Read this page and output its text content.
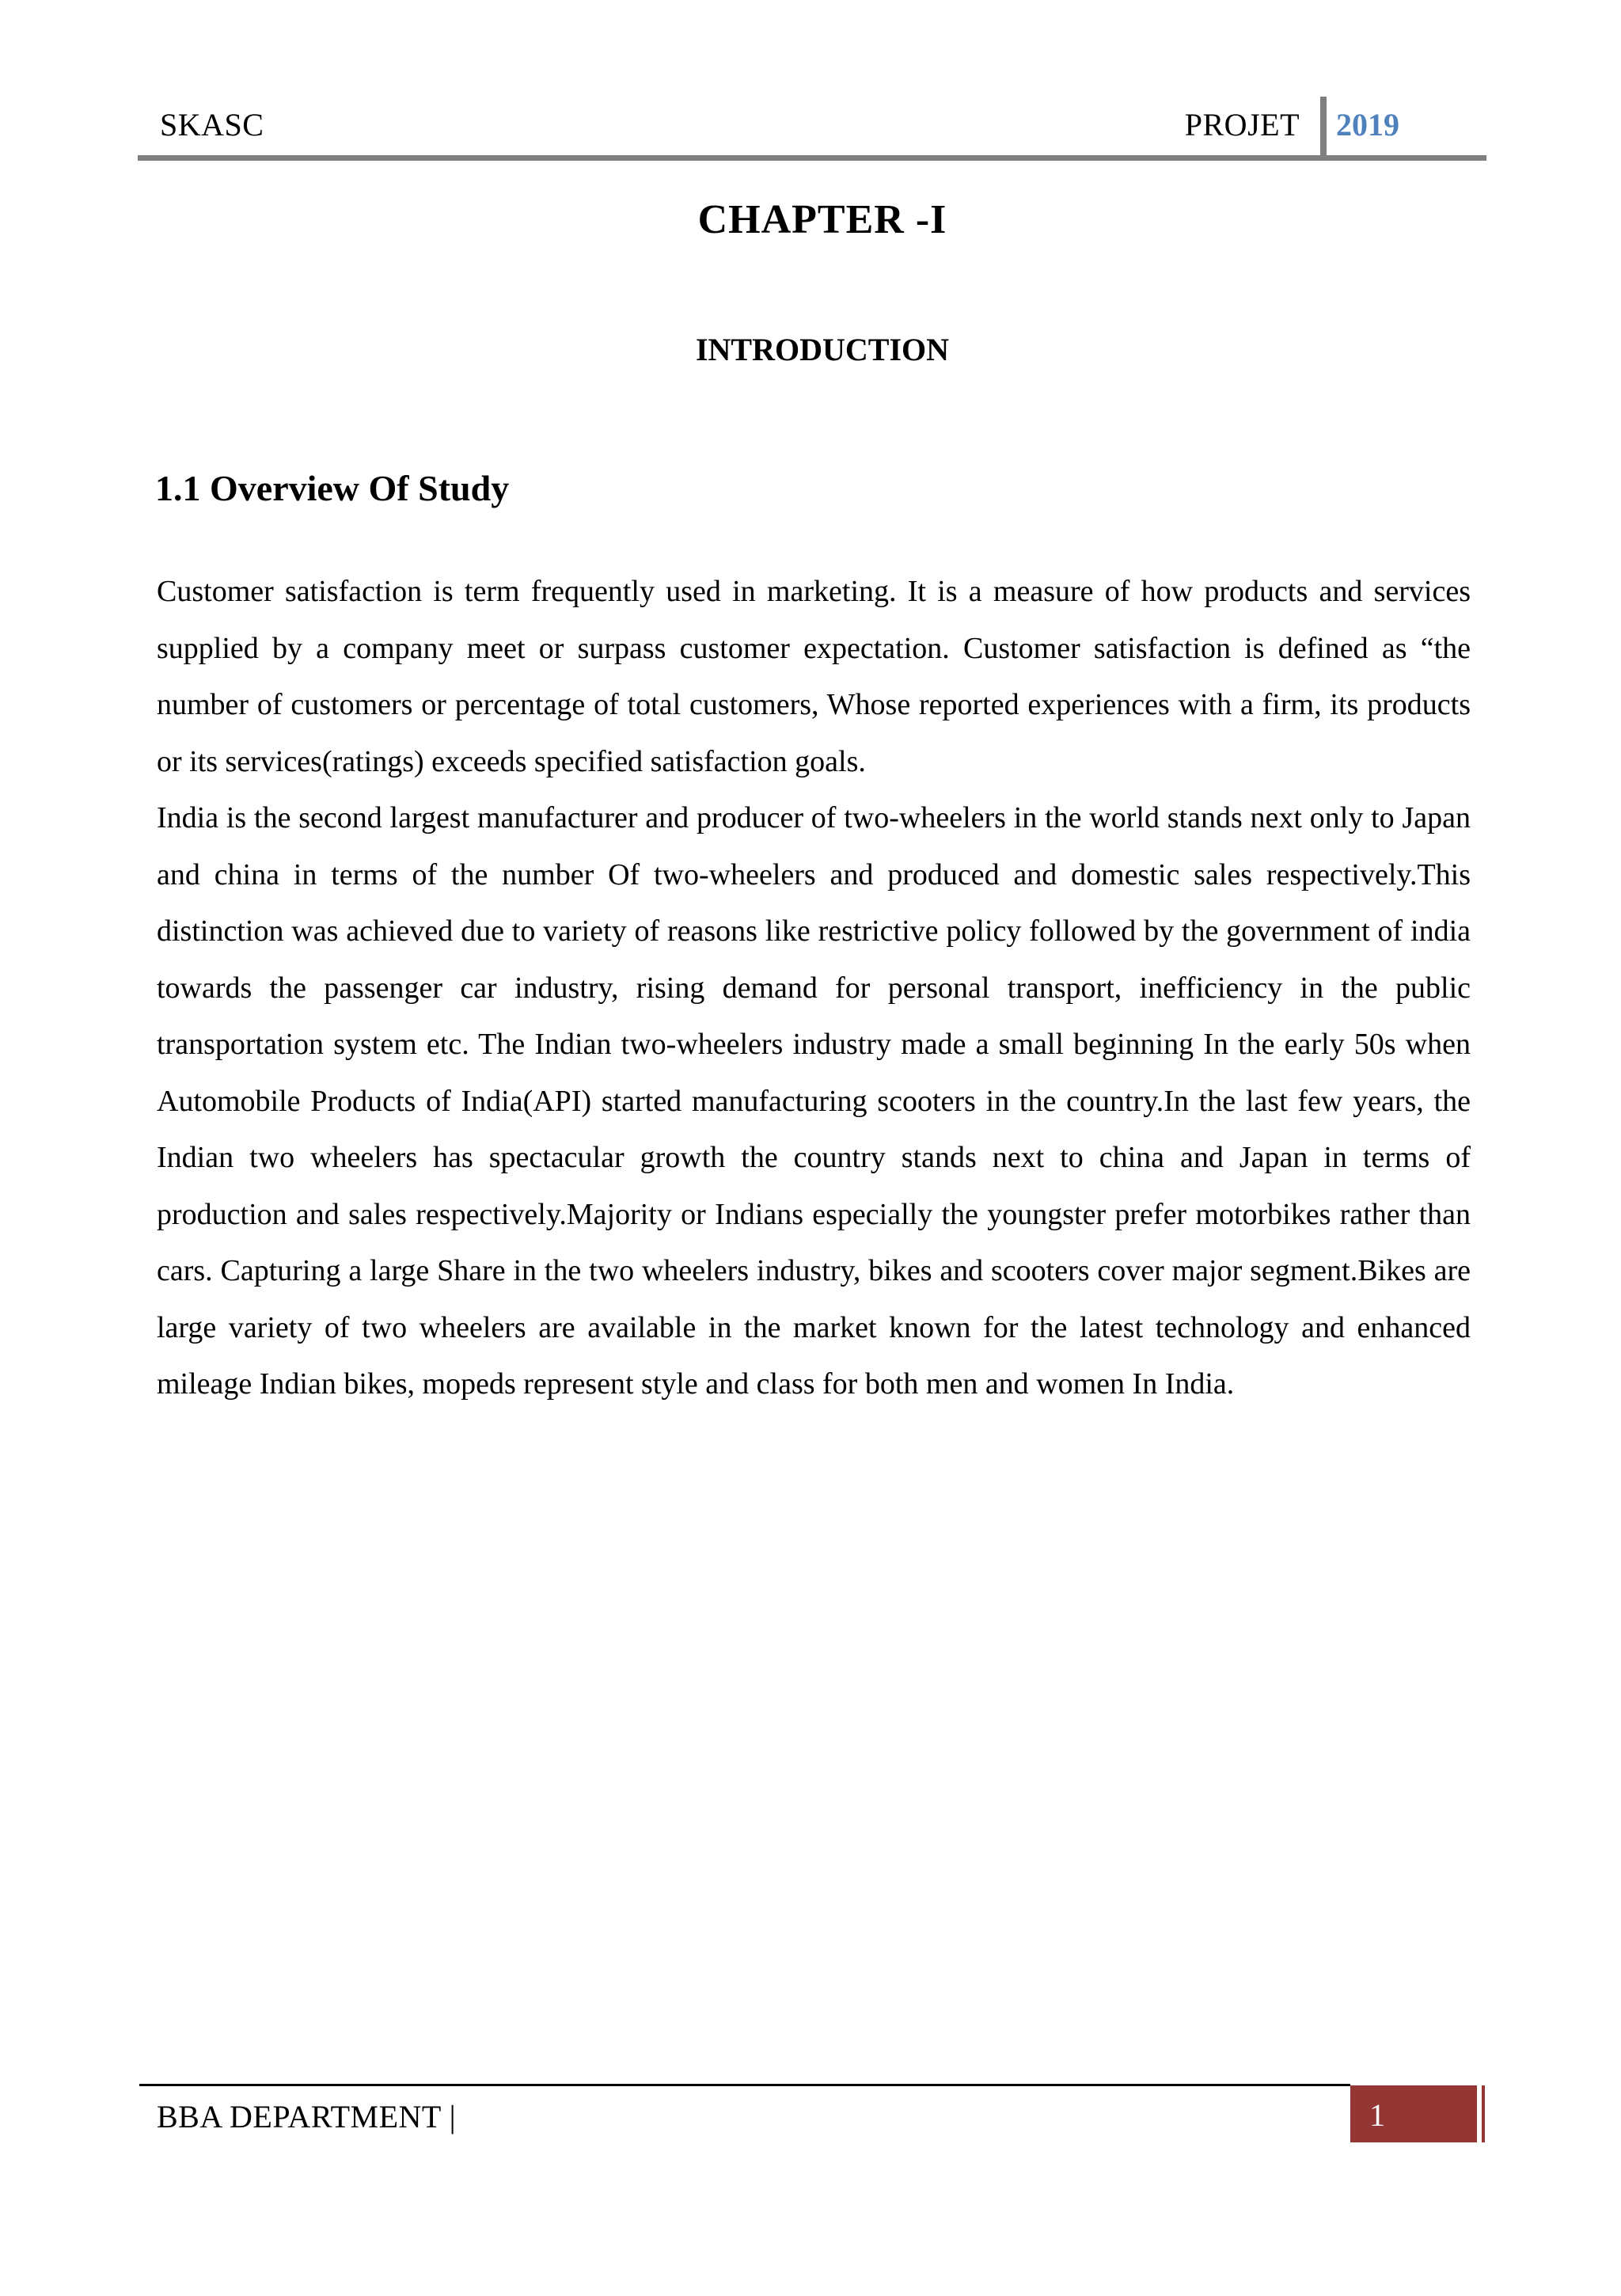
SKASC	PROJET 2019
CHAPTER -I
INTRODUCTION
1.1 Overview Of Study

Customer satisfaction is term frequently used in marketing. It is a measure of how products and services supplied by a company meet or surpass customer expectation. Customer satisfaction is defined as “the number of customers or percentage of total customers, Whose reported experiences with a firm, its products or its services(ratings) exceeds specified satisfaction goals.

India is the second largest manufacturer and producer of two-wheelers in the world stands next only to Japan and china in terms of the number Of two-wheelers and produced and domestic sales respectively.This distinction was achieved due to variety of reasons like restrictive policy followed by the government of india towards the passenger car industry, rising demand for personal transport, inefficiency in the public transportation system etc. The Indian two-wheelers industry made a small beginning In the early 50s when Automobile Products of India(API) started manufacturing scooters in the country.In the last few years, the Indian two wheelers has spectacular growth the country stands next to china and Japan in terms of production and sales respectively.Majority or Indians especially the youngster prefer motorbikes rather than cars. Capturing a large Share in the two wheelers industry, bikes and scooters cover major segment.Bikes are large variety of two wheelers are available in the market known for the latest technology and enhanced mileage Indian bikes, mopeds represent style and class for both men and women In India.

BBA DEPARTMENT |	1
